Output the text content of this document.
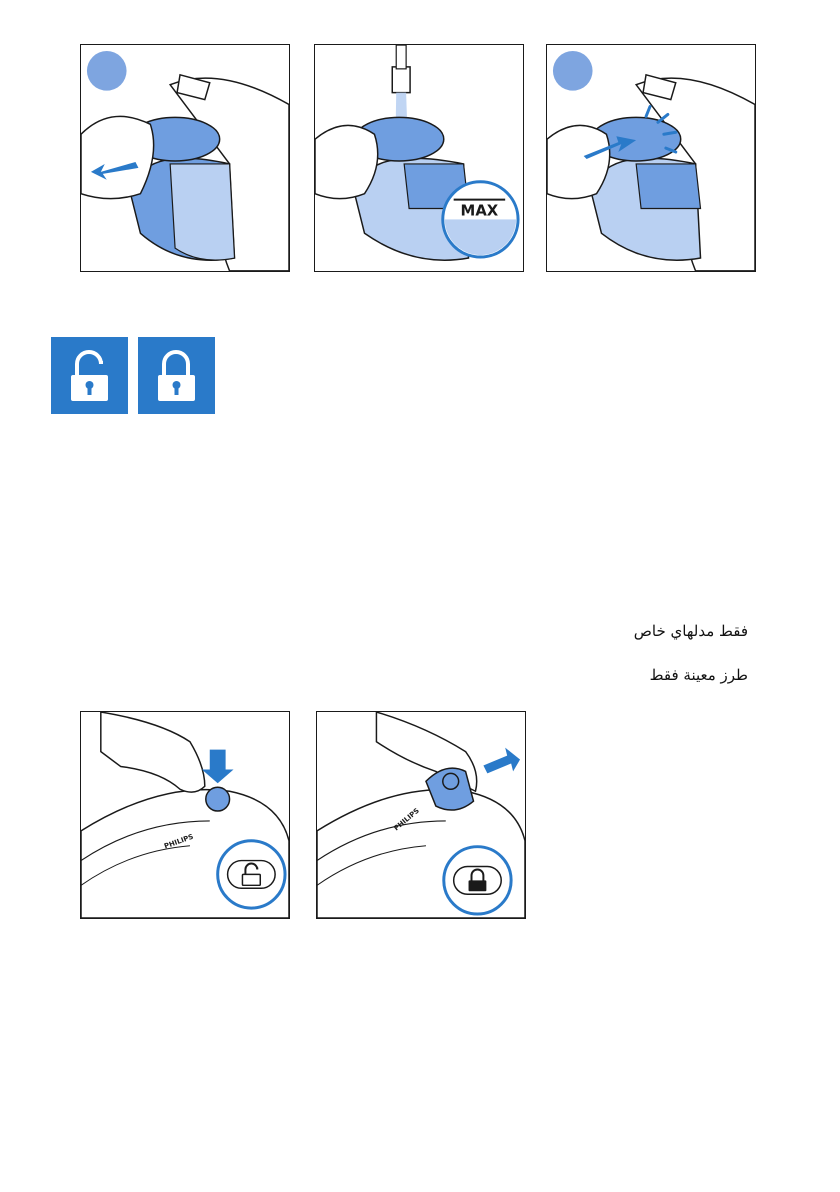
MAX
فقط مدلهاي خاص
طرز معينة فقط
PHILIPS
PHILIPS
